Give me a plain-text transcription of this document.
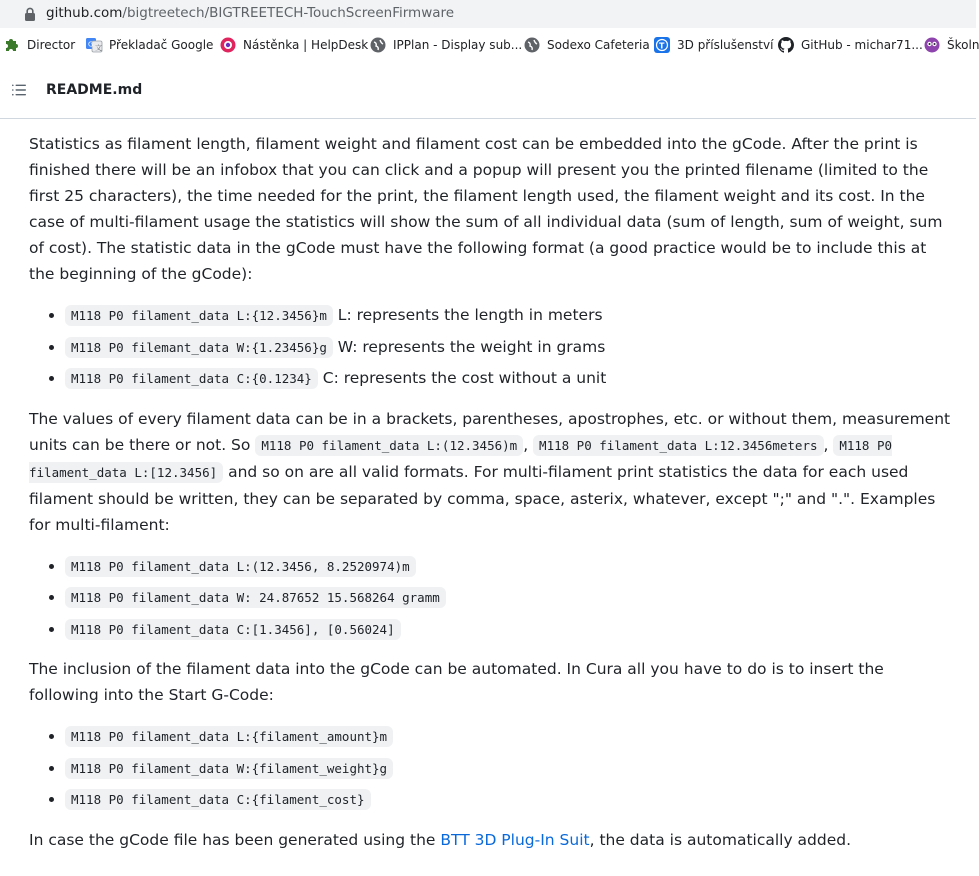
github.com/bigtreetech/BIGTREETECH-TouchScreenFirmware
Director G 文 Překladač Google Nástěnka | HelpDesk IPPlan - Display sub... Sodexo Cafeteria T 3D příslušenství GitHub - michar71... Školn
README.md

Statistics as filament length, filament weight and filament cost can be embedded into the gCode. After the print is finished there will be an infobox that you can click and a popup will present you the printed filename (limited to the first 25 characters), the time needed for the print, the filament length used, the filament weight and its cost. In the case of multi-filament usage the statistics will show the sum of all individual data (sum of length, sum of weight, sum of cost). The statistic data in the gCode must have the following format (a good practice would be to include this at the beginning of the gCode):

• M118 P0 filament_data L:{12.3456}m L: represents the length in meters
• M118 P0 filemant_data W:{1.23456}g W: represents the weight in grams
• M118 P0 filament_data C:{0.1234} C: represents the cost without a unit

The values of every filament data can be in a brackets, parentheses, apostrophes, etc. or without them, measurement units can be there or not. So M118 P0 filament_data L:(12.3456)m , M118 P0 filament_data L:12.3456meters , M118 P0 filament_data L:[12.3456] and so on are all valid formats. For multi-filament print statistics the data for each used filament should be written, they can be separated by comma, space, asterix, whatever, except ";" and ".". Examples for multi-filament:

• M118 P0 filament_data L:(12.3456, 8.2520974)m
• M118 P0 filament_data W: 24.87652 15.568264 gramm
• M118 P0 filament_data C:[1.3456], [0.56024]

The inclusion of the filament data into the gCode can be automated. In Cura all you have to do is to insert the following into the Start G-Code:

• M118 P0 filament_data L:{filament_amount}m
• M118 P0 filament_data W:{filament_weight}g
• M118 P0 filament_data C:{filament_cost}

In case the gCode file has been generated using the BTT 3D Plug-In Suit, the data is automatically added.
